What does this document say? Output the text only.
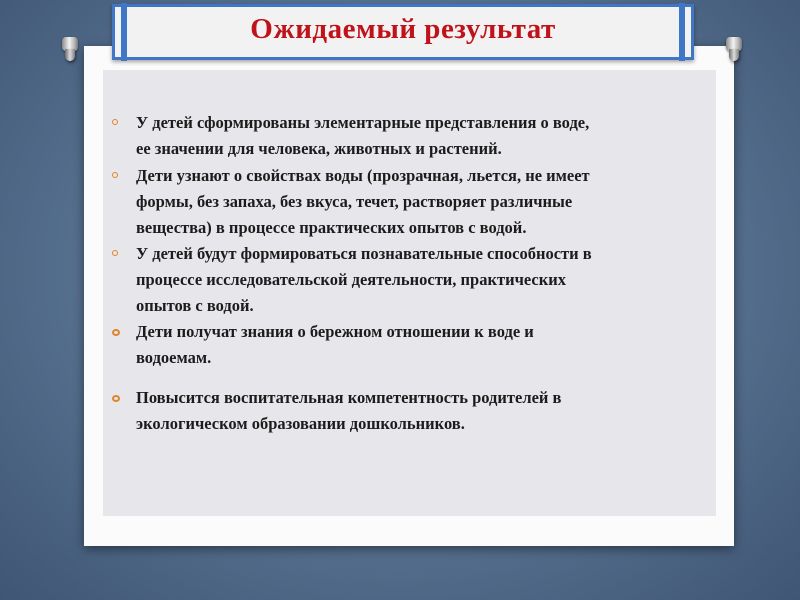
Ожидаемый результат
У детей сформированы элементарные представления о воде,
ее значении для человека, животных и растений.
Дети узнают о свойствах воды (прозрачная, льется, не имеет
формы, без запаха, без вкуса, течет, растворяет различные
вещества) в процессе практических опытов с водой.
У детей будут формироваться познавательные способности в
процессе исследовательской деятельности, практических
опытов с водой.
Дети получат знания о бережном отношении к воде и
водоемам.
Повысится воспитательная компетентность родителей в
экологическом образовании дошкольников.
